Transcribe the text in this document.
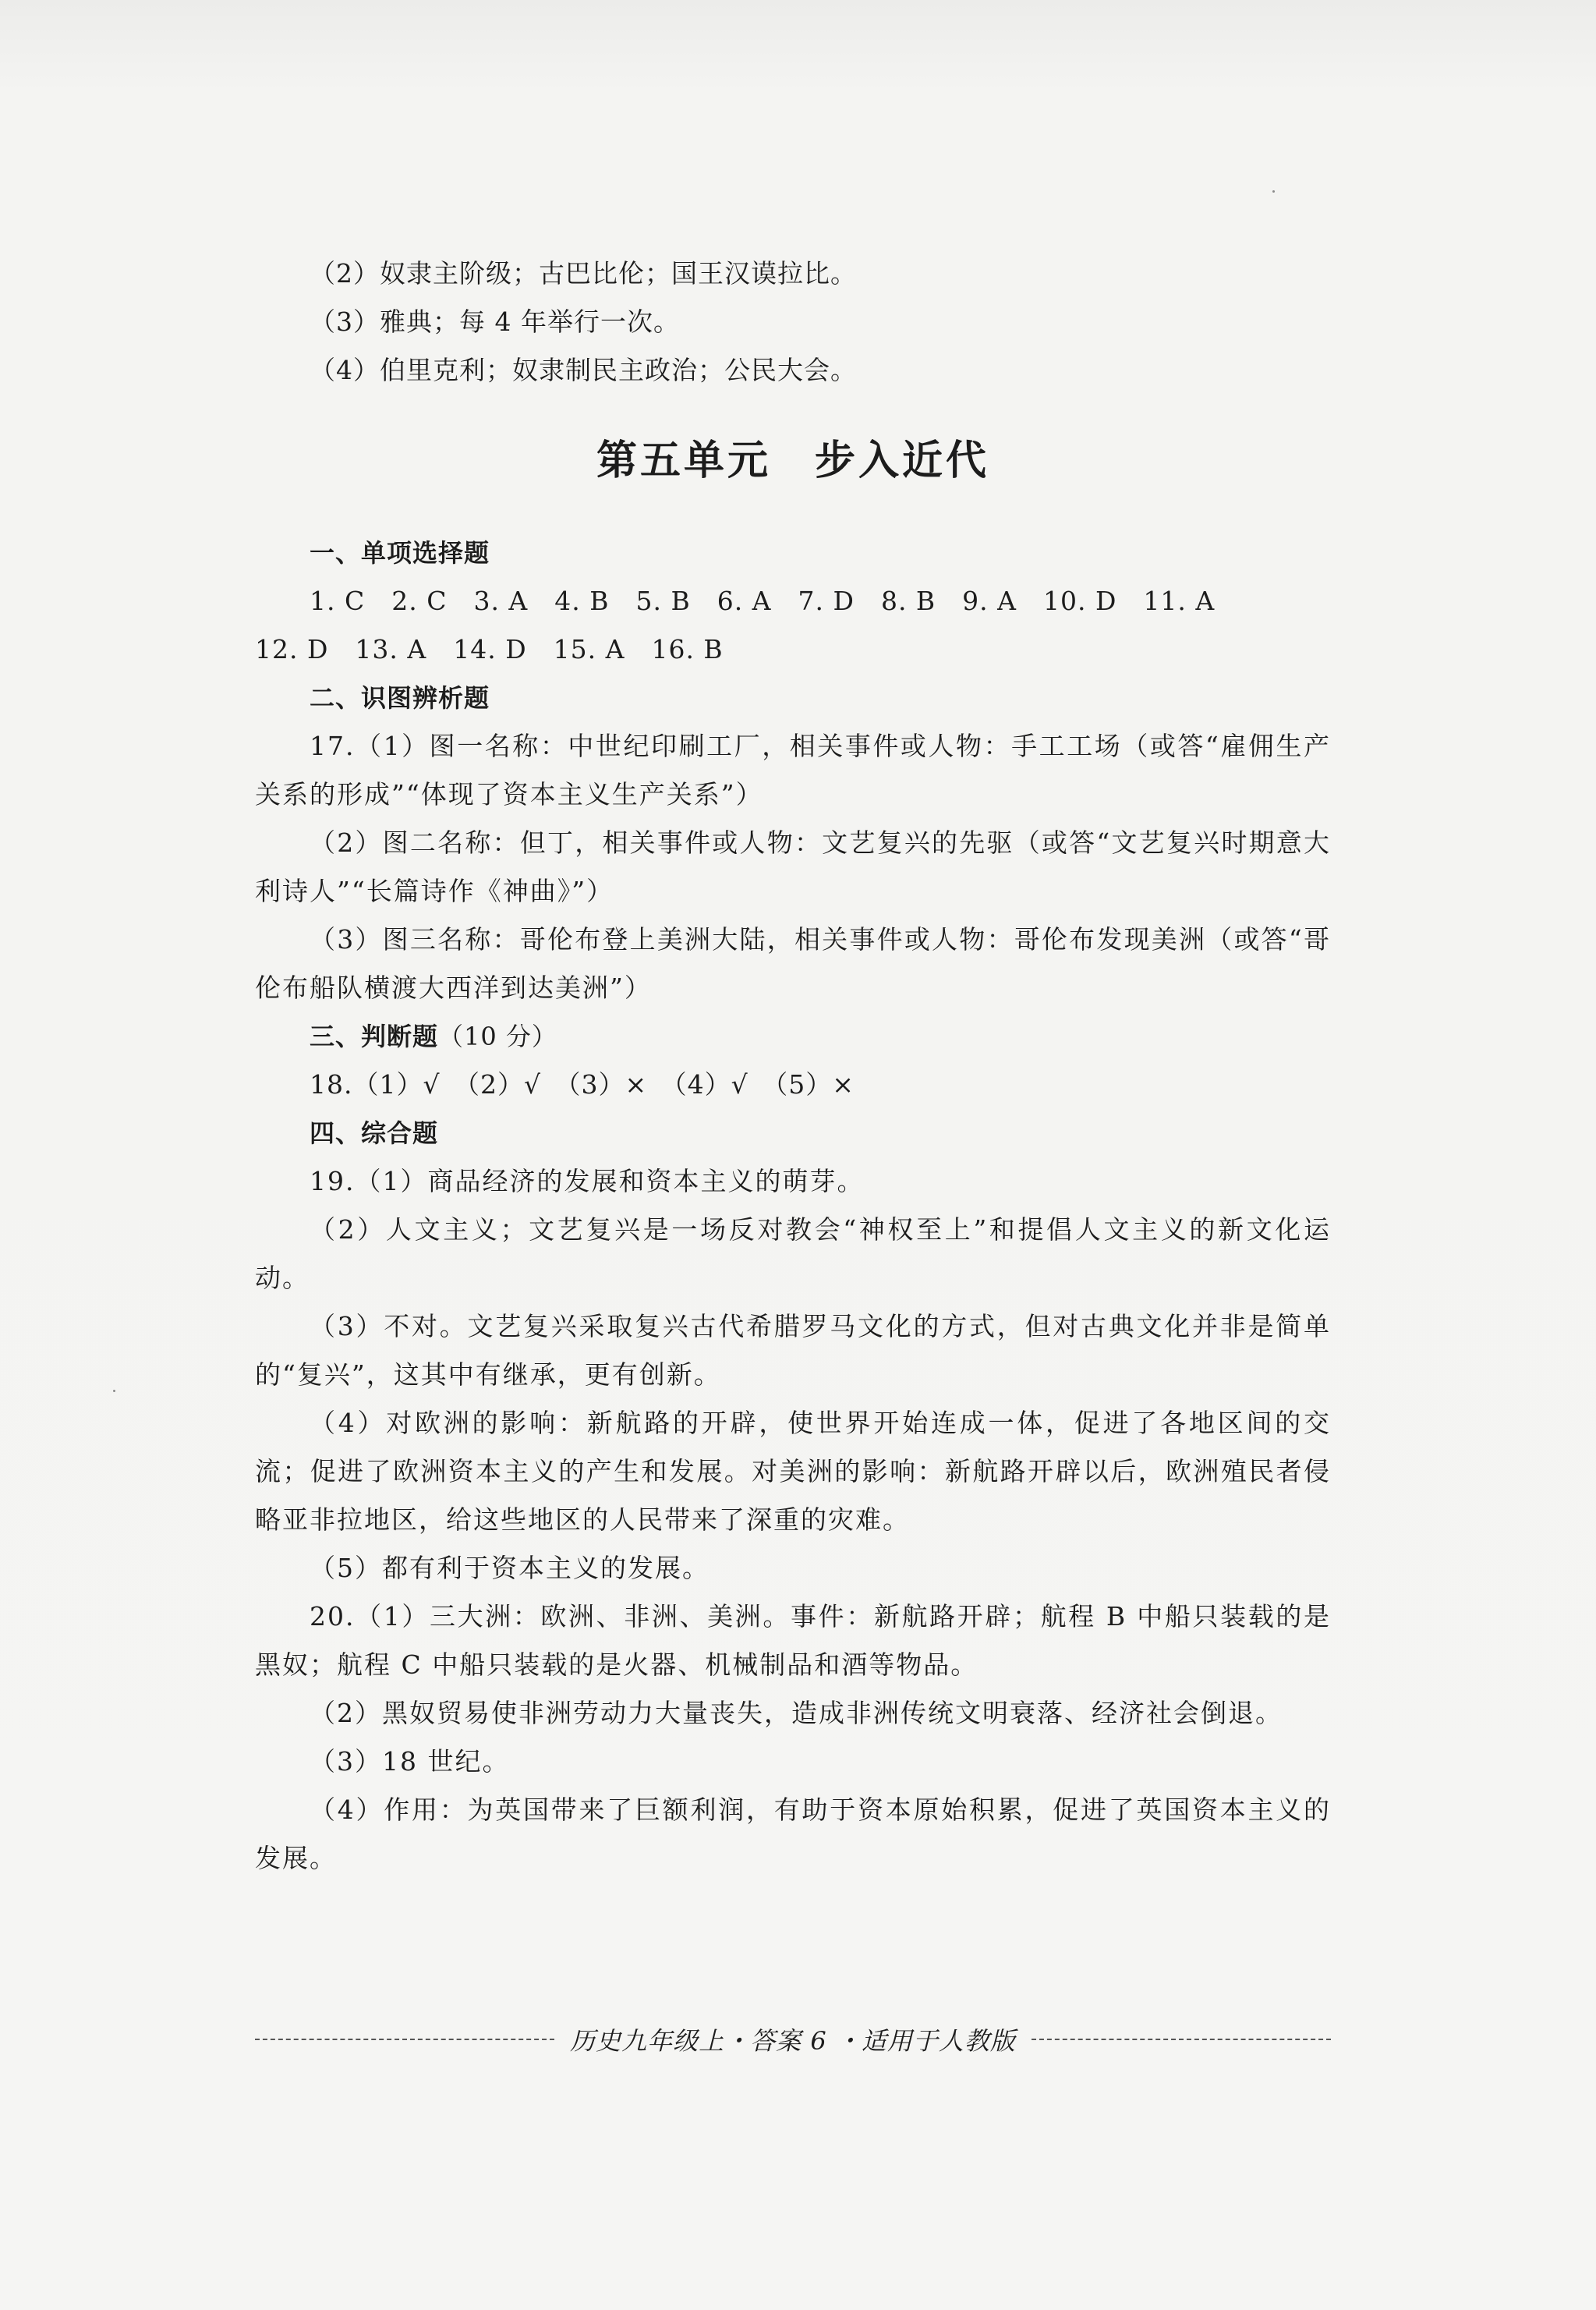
（2）奴隶主阶级；古巴比伦；国王汉谟拉比。
（3）雅典；每 4 年举行一次。
（4）伯里克利；奴隶制民主政治；公民大会。
第五单元　步入近代
一、单项选择题
1. C　2. C　3. A　4. B　5. B　6. A　7. D　8. B　9. A　10. D　11. A
12. D　13. A　14. D　15. A　16. B
二、识图辨析题

17.（1）图一名称：中世纪印刷工厂，相关事件或人物：手工工场（或答“雇佣生产关系的形成”“体现了资本主义生产关系”）

（2）图二名称：但丁，相关事件或人物：文艺复兴的先驱（或答“文艺复兴时期意大利诗人”“长篇诗作《神曲》”）

（3）图三名称：哥伦布登上美洲大陆，相关事件或人物：哥伦布发现美洲（或答“哥伦布船队横渡大西洋到达美洲”）

三、判断题（10 分）
18.（1）√　（2）√　（3）×　（4）√　（5）×
四、综合题

19.（1）商品经济的发展和资本主义的萌芽。

（2）人文主义；文艺复兴是一场反对教会“神权至上”和提倡人文主义的新文化运动。

（3）不对。文艺复兴采取复兴古代希腊罗马文化的方式，但对古典文化并非是简单的“复兴”，这其中有继承，更有创新。

（4）对欧洲的影响：新航路的开辟，使世界开始连成一体，促进了各地区间的交流；促进了欧洲资本主义的产生和发展。对美洲的影响：新航路开辟以后，欧洲殖民者侵略亚非拉地区，给这些地区的人民带来了深重的灾难。

（5）都有利于资本主义的发展。

20.（1）三大洲：欧洲、非洲、美洲。事件：新航路开辟；航程 B 中船只装载的是黑奴；航程 C 中船只装载的是火器、机械制品和酒等物品。

（2）黑奴贸易使非洲劳动力大量丧失，造成非洲传统文明衰落、经济社会倒退。

（3）18 世纪。

（4）作用：为英国带来了巨额利润，有助于资本原始积累，促进了英国资本主义的发展。

历史九年级上・答案 6 ・适用于人教版
